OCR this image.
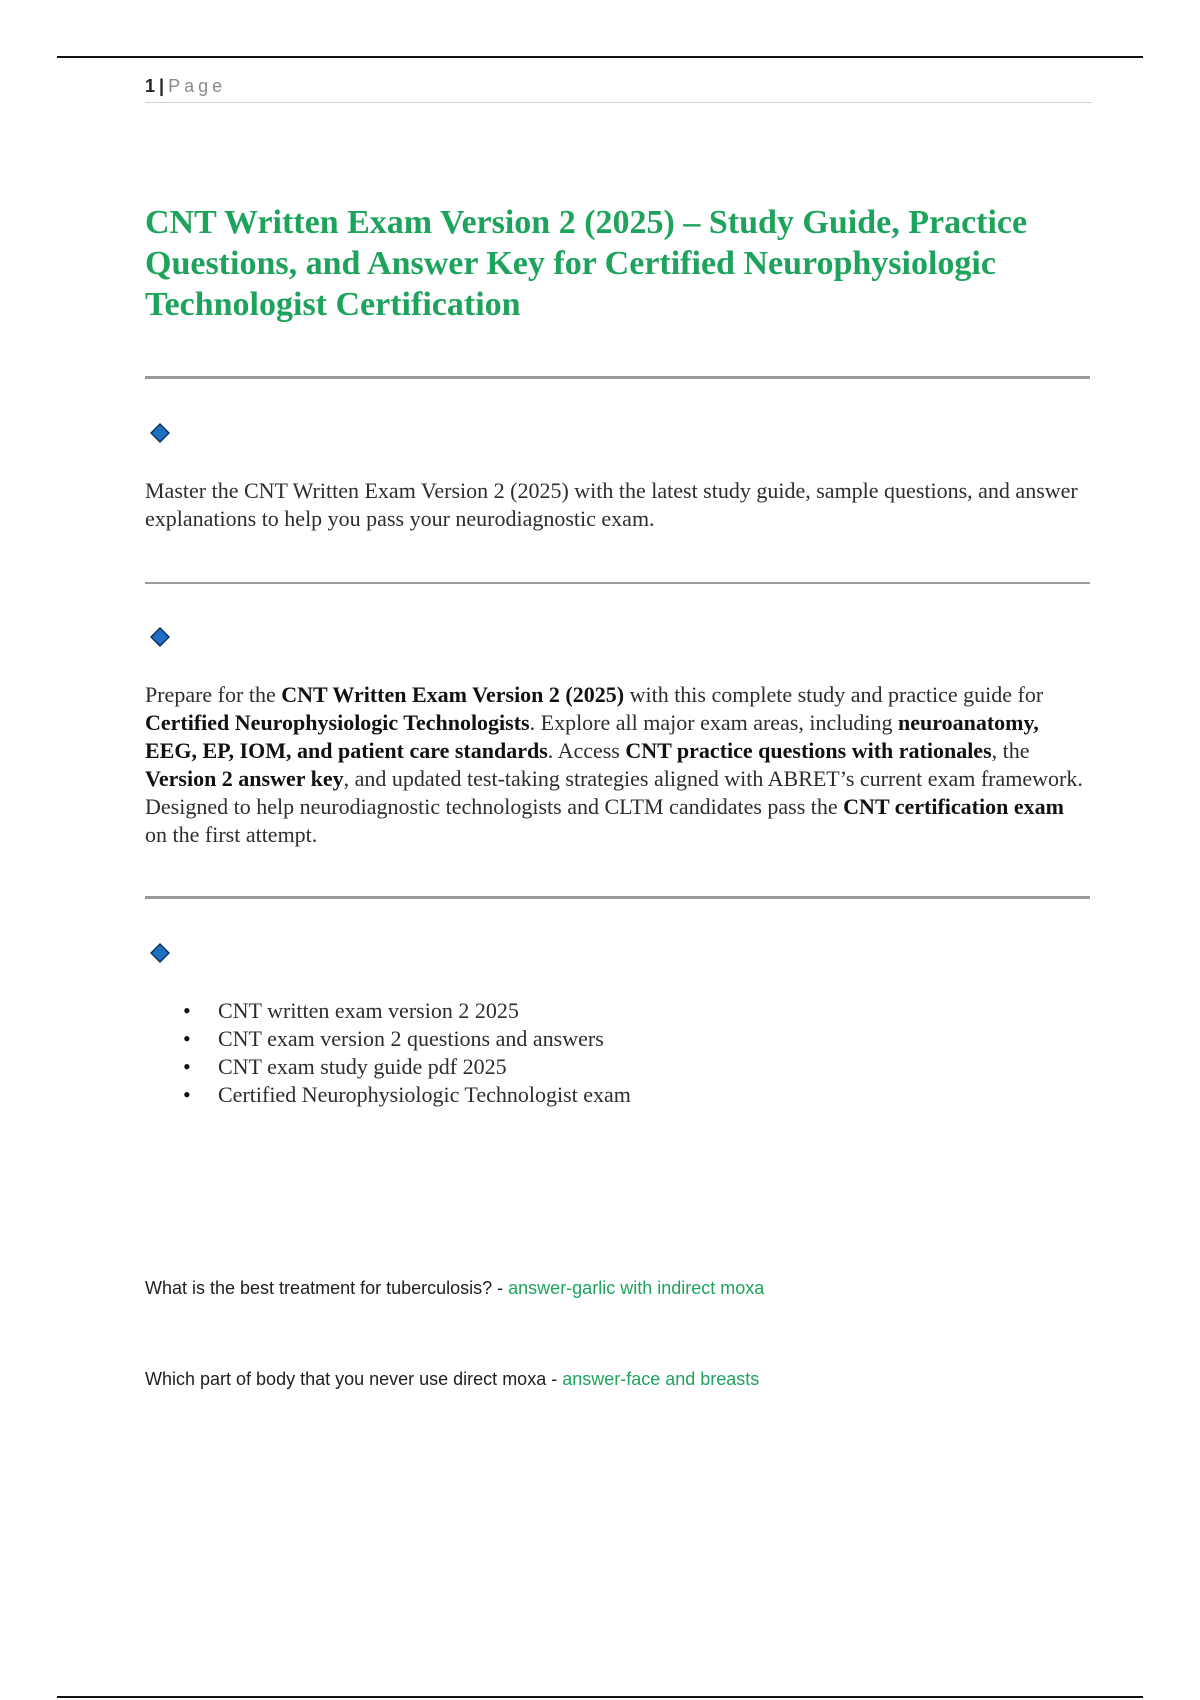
1 | Page
CNT Written Exam Version 2 (2025) – Study Guide, Practice Questions, and Answer Key for Certified Neurophysiologic Technologist Certification

Master the CNT Written Exam Version 2 (2025) with the latest study guide, sample questions, and answer explanations to help you pass your neurodiagnostic exam.

Prepare for the CNT Written Exam Version 2 (2025) with this complete study and practice guide for Certified Neurophysiologic Technologists. Explore all major exam areas, including neuroanatomy, EEG, EP, IOM, and patient care standards. Access CNT practice questions with rationales, the Version 2 answer key, and updated test-taking strategies aligned with ABRET’s current exam framework. Designed to help neurodiagnostic technologists and CLTM candidates pass the CNT certification exam on the first attempt.

• CNT written exam version 2 2025
• CNT exam version 2 questions and answers
• CNT exam study guide pdf 2025
• Certified Neurophysiologic Technologist exam
What is the best treatment for tuberculosis? - answer-garlic with indirect moxa
Which part of body that you never use direct moxa - answer-face and breasts
